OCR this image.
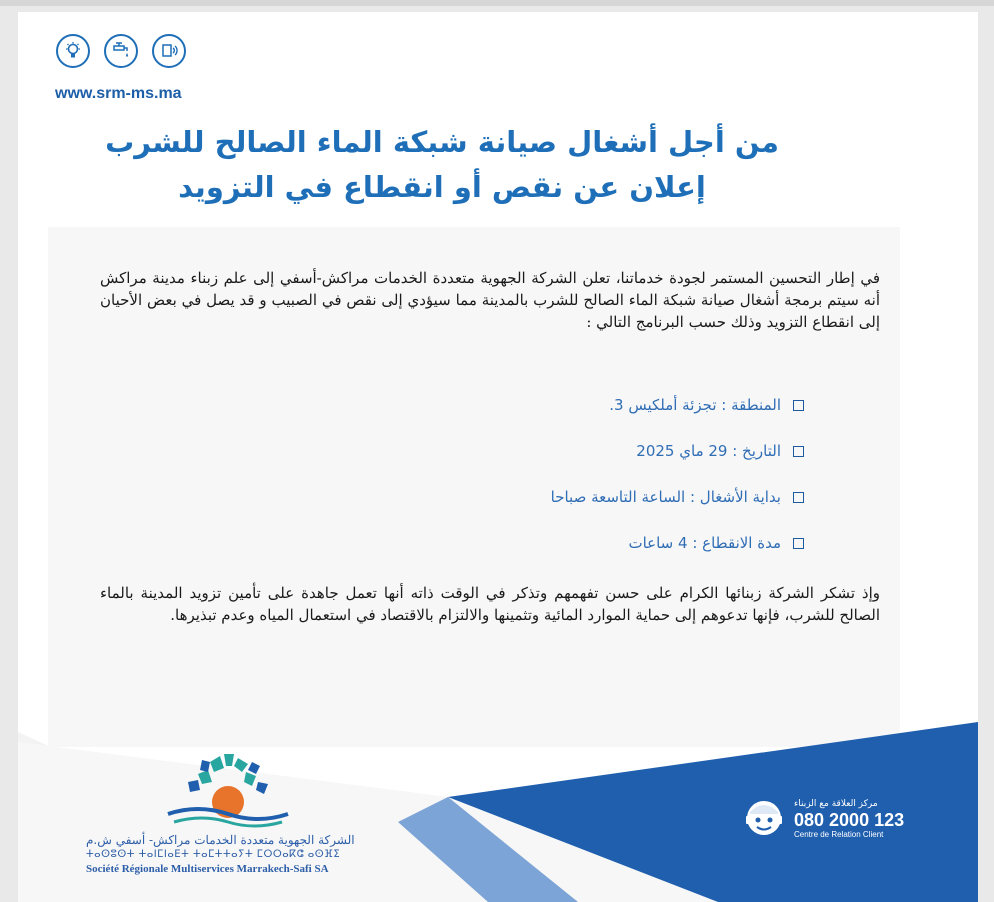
www.srm-ms.ma
من أجل أشغال صيانة شبكة الماء الصالح للشرب
إعلان عن نقص أو انقطاع في التزويد
في إطار التحسين المستمر لجودة خدماتنا، تعلن الشركة الجهوية متعددة الخدمات مراكش-أسفي إلى علم زبناء مدينة مراكش أنه سيتم برمجة أشغال صيانة شبكة الماء الصالح للشرب بالمدينة مما سيؤدي إلى نقص في الصبيب و قد يصل في بعض الأحيان إلى انقطاع التزويد وذلك حسب البرنامج التالي :
المنطقة : تجزئة أملكيس 3.
التاريخ : 29 ماي 2025
بداية الأشغال : الساعة التاسعة صباحا
مدة الانقطاع : 4 ساعات
وإذ تشكر الشركة زبنائها الكرام على حسن تفهمهم وتذكر في الوقت ذاته أنها تعمل جاهدة على تأمين تزويد المدينة بالماء الصالح للشرب، فإنها تدعوهم إلى حماية الموارد المائية وتثمينها والالتزام بالاقتصاد في استعمال المياه وعدم تبذيرها.
الشركة الجهوية متعددة الخدمات مراكش- أسفي ش.م
ⵜⴰⵙⵓⵙⵜ ⵜⴰⵏⵎⵏⴰⴹⵜ ⵜⴰⵎⵜⵜⴰⵢⵜ ⵎⵔⵔⴰⴽⵛ ⴰⵙⴼⵉ
Société Régionale Multiservices Marrakech-Safi SA
مركز العلاقة مع الزبناء
080 2000 123
Centre de Relation Client
